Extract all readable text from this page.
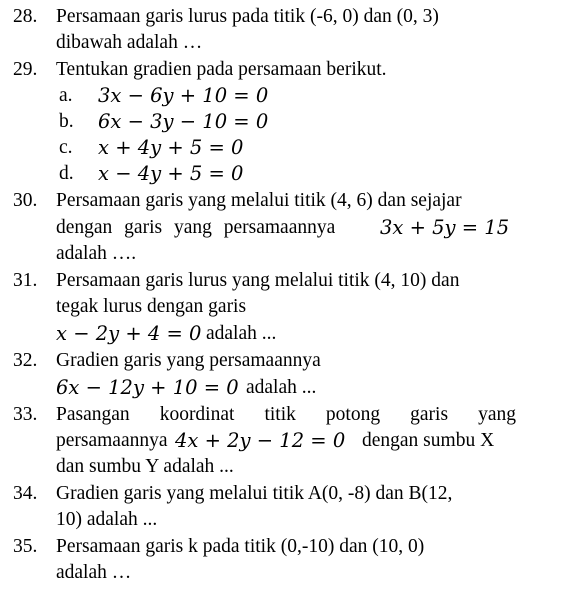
28. Persamaan garis lurus pada titik (-6, 0) dan (0, 3)
dibawah adalah …
29. Tentukan gradien pada persamaan berikut.
a. 3x − 6y + 10 = 0
b. 6x − 3y − 10 = 0
c. x + 4y + 5 = 0
d. x − 4y + 5 = 0
30. Persamaan garis yang melalui titik (4, 6) dan sejajar
dengan garis yang persamaannya 3x + 5y = 15
adalah ….
31. Persamaan garis lurus yang melalui titik (4, 10) dan
tegak lurus dengan garis
x − 2y + 4 = 0 adalah ...
32. Gradien garis yang persamaannya
6x − 12y + 10 = 0 adalah ...
33. Pasangan koordinat titik potong garis yang
persamaannya 4x + 2y − 12 = 0 dengan sumbu X
dan sumbu Y adalah ...
34. Gradien garis yang melalui titik A(0, -8) dan B(12,
10) adalah ...
35. Persamaan garis k pada titik (0,-10) dan (10, 0)
adalah …
